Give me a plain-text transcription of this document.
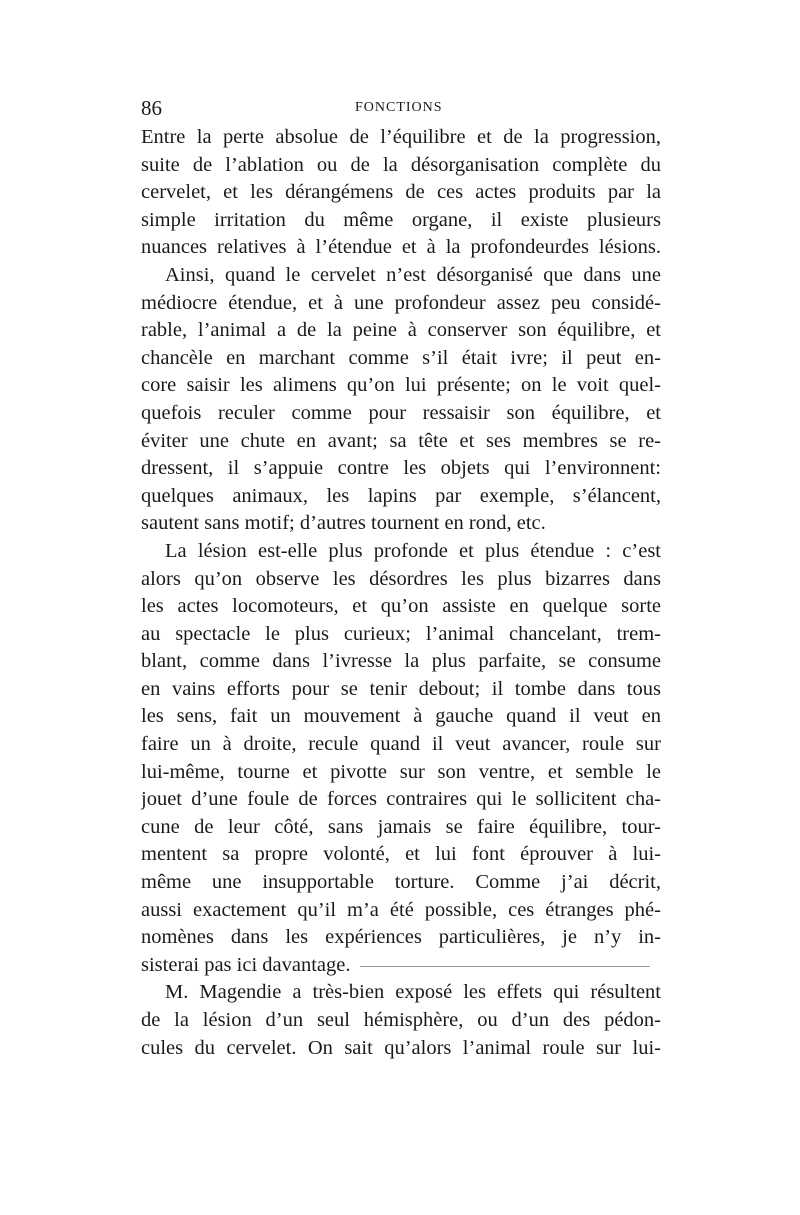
86	FONCTIONS
Entre la perte absolue de l’équilibre et de la progression,
suite de l’ablation ou de la désorganisation complète du
cervelet, et les dérangémens de ces actes produits par la
simple irritation du même organe, il existe plusieurs
nuances relatives à l’étendue et à la profondeurdes lésions.
Ainsi, quand le cervelet n’est désorganisé que dans une
médiocre étendue, et à une profondeur assez peu considé-
rable, l’animal a de la peine à conserver son équilibre, et
chancèle en marchant comme s’il était ivre; il peut en-
core saisir les alimens qu’on lui présente; on le voit quel-
quefois reculer comme pour ressaisir son équilibre, et
éviter une chute en avant; sa tête et ses membres se re-
dressent, il s’appuie contre les objets qui l’environnent:
quelques animaux, les lapins par exemple, s’élancent,
sautent sans motif; d’autres tournent en rond, etc.
La lésion est-elle plus profonde et plus étendue : c’est
alors qu’on observe les désordres les plus bizarres dans
les actes locomoteurs, et qu’on assiste en quelque sorte
au spectacle le plus curieux; l’animal chancelant, trem-
blant, comme dans l’ivresse la plus parfaite, se consume
en vains efforts pour se tenir debout; il tombe dans tous
les sens, fait un mouvement à gauche quand il veut en
faire un à droite, recule quand il veut avancer, roule sur
lui-même, tourne et pivotte sur son ventre, et semble le
jouet d’une foule de forces contraires qui le sollicitent cha-
cune de leur côté, sans jamais se faire équilibre, tour-
mentent sa propre volonté, et lui font éprouver à lui-
même une insupportable torture. Comme j’ai décrit,
aussi exactement qu’il m’a été possible, ces étranges phé-
nomènes dans les expériences particulières, je n’y in-
sisterai pas ici davantage.
M. Magendie a très-bien exposé les effets qui résultent
de la lésion d’un seul hémisphère, ou d’un des pédon-
cules du cervelet. On sait qu’alors l’animal roule sur lui-
